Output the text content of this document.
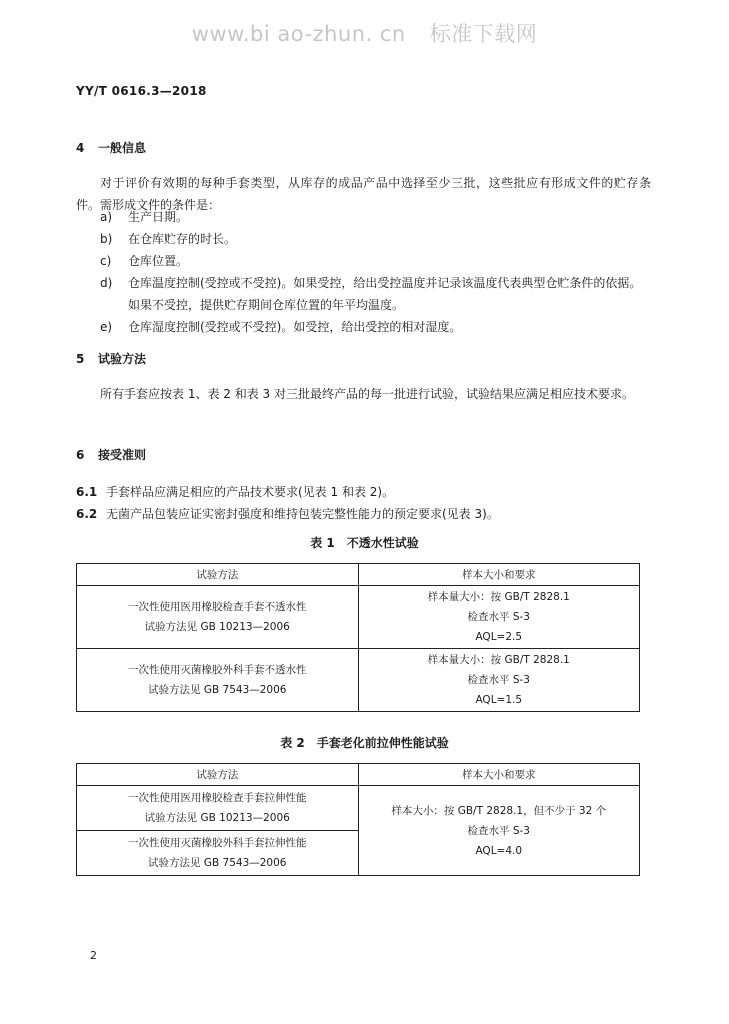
www.bi ao-zhun. cn 标准下载网
YY/T 0616.3—2018
4 一般信息
对于评价有效期的每种手套类型，从库存的成品产品中选择至少三批，这些批应有形成文件的贮存条件。需形成文件的条件是：
a) 生产日期。
b) 在仓库贮存的时长。
c) 仓库位置。
d) 仓库温度控制(受控或不受控)。如果受控，给出受控温度并记录该温度代表典型仓贮条件的依据。如果不受控，提供贮存期间仓库位置的年平均温度。
e) 仓库湿度控制(受控或不受控)。如受控，给出受控的相对湿度。
5 试验方法
所有手套应按表 1、表 2 和表 3 对三批最终产品的每一批进行试验，试验结果应满足相应技术要求。
6 接受准则
6.1 手套样品应满足相应的产品技术要求(见表 1 和表 2)。
6.2 无菌产品包装应证实密封强度和维持包装完整性能力的预定要求(见表 3)。
表 1　不透水性试验
试验方法	样本大小和要求

一次性使用医用橡胶检查手套不透水性
试验方法见 GB 10213—2006	样本量大小：按 GB/T 2828.1
检查水平 S-3
AQL=2.5

一次性使用灭菌橡胶外科手套不透水性
试验方法见 GB 7543—2006	样本量大小：按 GB/T 2828.1
检查水平 S-3
AQL=1.5
表 2　手套老化前拉伸性能试验
试验方法	样本大小和要求

一次性使用医用橡胶检查手套拉伸性能
试验方法见 GB 10213—2006	样本大小：按 GB/T 2828.1，但不少于 32 个
检查水平 S-3
AQL=4.0

一次性使用灭菌橡胶外科手套拉伸性能
试验方法见 GB 7543—2006	
2
